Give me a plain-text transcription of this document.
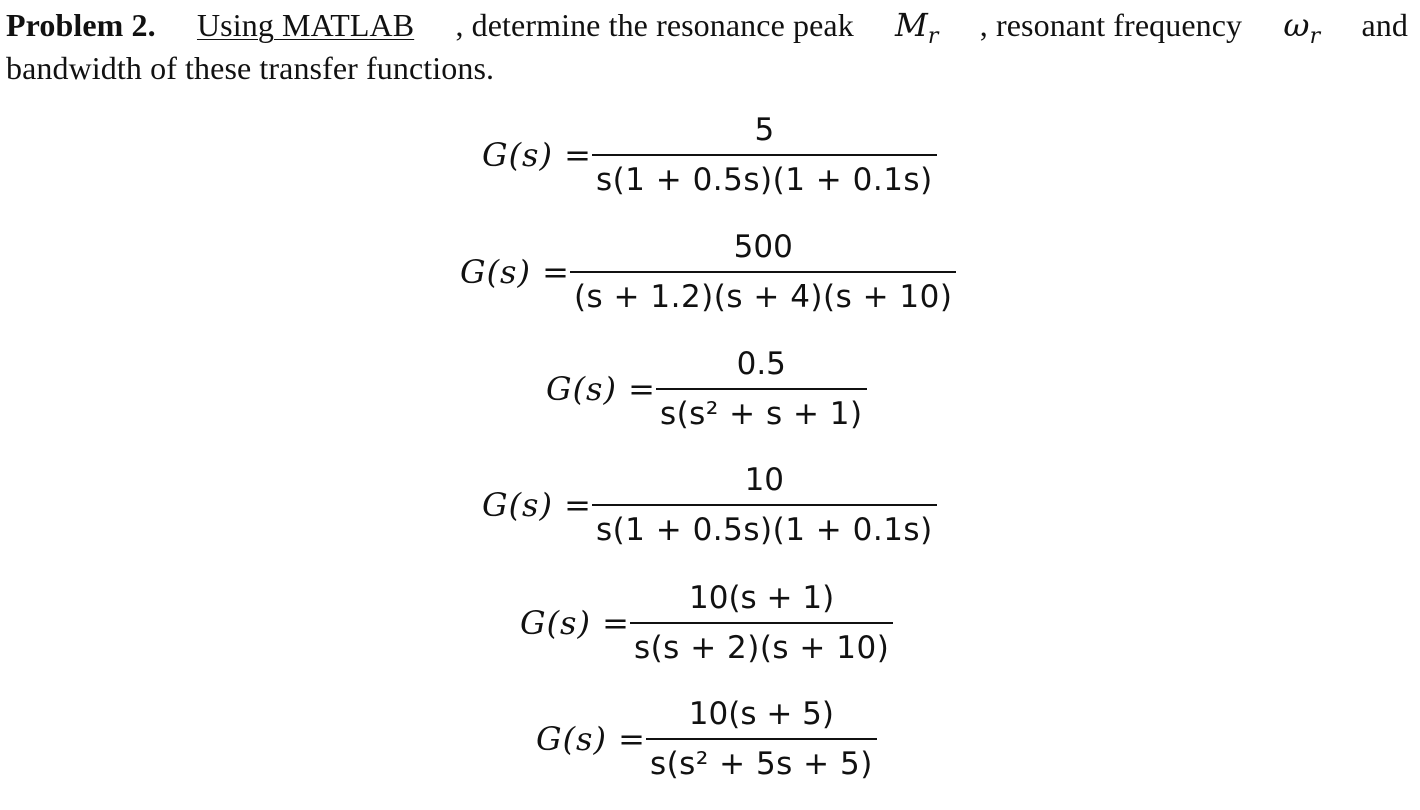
Problem 2. Using MATLAB , determine the resonance peak $M_r$ , resonant frequency $\omega_r$ and
bandwidth of these transfer functions.
$G(s) = \frac{5}{s(1 + 0.5s)(1 + 0.1s)}$
$G(s) = \frac{500}{(s + 1.2)(s + 4)(s + 10)}$
$G(s) = \frac{0.5}{\text{s(s² + s + 1)}}$
$G(s) = \frac{10}{s(1 + 0.5s)(1 + 0.1s)}$
$G(s) = \frac{10(s + 1)}{s(s + 2)(s + 10)}$
$G(s) = \frac{10(s + 5)}{\text{s(s² + 5s + 5)}}$
